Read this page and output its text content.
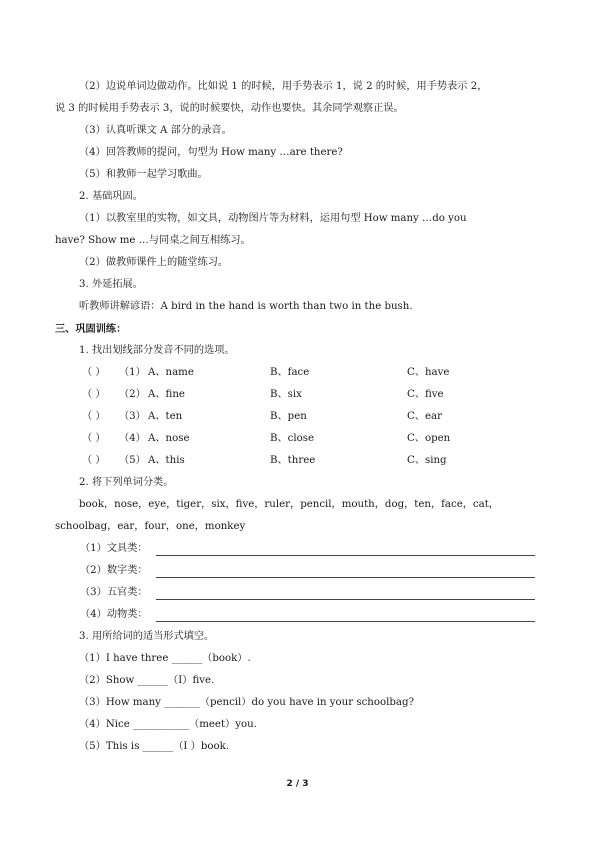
（2）边说单词边做动作。比如说 1 的时候，用手势表示 1，说 2 的时候，用手势表示 2，
说 3 的时候用手势表示 3，说的时候要快，动作也要快。其余同学观察正误。
（3）认真听课文 A 部分的录音。
（4）回答教师的提问，句型为 How many …are there?
（5）和教师一起学习歌曲。
2. 基础巩固。
（1）以教室里的实物，如文具，动物图片等为材料，运用句型 How many …do you
have? Show me …与同桌之间互相练习。
（2）做教师课件上的随堂练习。
3. 外延拓展。
听教师讲解谚语：A bird in the hand is worth than two in the bush.
三、巩固训练：
1. 找出划线部分发音不同的选项。
（ ） （1） A、name	B、face	C、have
（ ） （2） A、fine	B、six	C、five
（ ） （3） A、ten	B、pen	C、ear
（ ） （4） A、nose	B、close	C、open
（ ） （5） A、this	B、three	C、sing
2. 将下列单词分类。
book，nose，eye，tiger，six，five，ruler，pencil，mouth，dog，ten，face，cat，
schoolbag，ear，four，one，monkey
（1）文具类：
（2）数字类：
（3）五官类：
（4）动物类：
3. 用所给词的适当形式填空。
（1）I have three ______（book）.
（2）Show ______（I）five.
（3）How many _______（pencil）do you have in your schoolbag?
（4）Nice ___________（meet）you.
（5）This is ______（I ）book.
2 / 3
